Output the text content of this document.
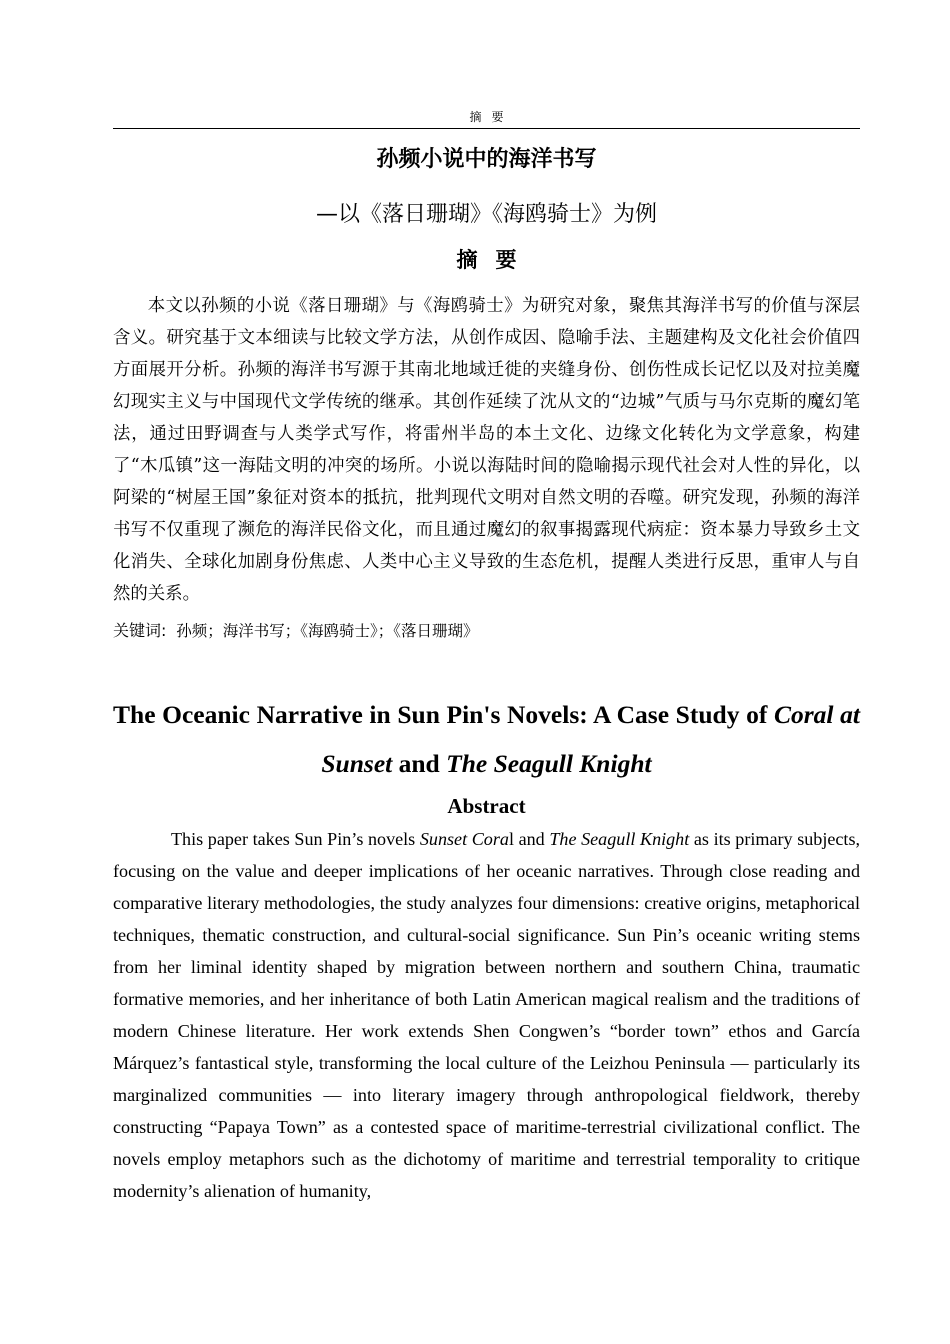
摘要
孙频小说中的海洋书写
—以《落日珊瑚》《海鸥骑士》为例
摘要

本文以孙频的小说《落日珊瑚》与《海鸥骑士》为研究对象，聚焦其海洋书写的价值与深层含义。研究基于文本细读与比较文学方法，从创作成因、隐喻手法、主题建构及文化社会价值四方面展开分析。孙频的海洋书写源于其南北地域迁徙的夹缝身份、创伤性成长记忆以及对拉美魔幻现实主义与中国现代文学传统的继承。其创作延续了沈从文的“边城”气质与马尔克斯的魔幻笔法，通过田野调查与人类学式写作，将雷州半岛的本土文化、边缘文化转化为文学意象，构建了“木瓜镇”这一海陆文明的冲突的场所。小说以海陆时间的隐喻揭示现代社会对人性的异化，以阿梁的“树屋王国”象征对资本的抵抗，批判现代文明对自然文明的吞噬。研究发现，孙频的海洋书写不仅重现了濒危的海洋民俗文化，而且通过魔幻的叙事揭露现代病症：资本暴力导致乡土文化消失、全球化加剧身份焦虑、人类中心主义导致的生态危机，提醒人类进行反思，重审人与自然的关系。

关键词: 孙频；海洋书写；《海鸥骑士》；《落日珊瑚》
The Oceanic Narrative in Sun Pin's Novels: A Case Study of Coral at Sunset and The Seagull Knight
Abstract

This paper takes Sun Pin’s novels Sunset Coral and The Seagull Knight as its primary subjects, focusing on the value and deeper implications of her oceanic narratives. Through close reading and comparative literary methodologies, the study analyzes four dimensions: creative origins, metaphorical techniques, thematic construction, and cultural-social significance. Sun Pin’s oceanic writing stems from her liminal identity shaped by migration between northern and southern China, traumatic formative memories, and her inheritance of both Latin American magical realism and the traditions of modern Chinese literature. Her work extends Shen Congwen’s “border town” ethos and García Márquez’s fantastical style, transforming the local culture of the Leizhou Peninsula — particularly its marginalized communities — into literary imagery through anthropological fieldwork, thereby constructing “Papaya Town” as a contested space of maritime-terrestrial civilizational conflict. The novels employ metaphors such as the dichotomy of maritime and terrestrial temporality to critique modernity’s alienation of humanity,
